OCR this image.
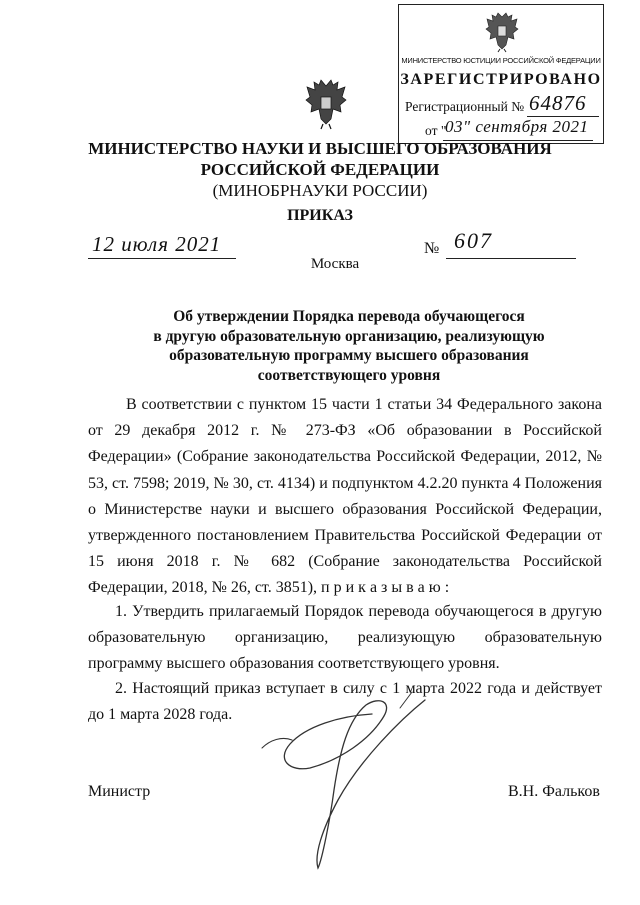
МИНИСТЕРСТВО ЮСТИЦИИ РОССИЙСКОЙ ФЕДЕРАЦИИ
ЗАРЕГИСТРИРОВАНО
Регистрационный № 64876
от "
03" сентября 2021
МИНИСТЕРСТВО НАУКИ И ВЫСШЕГО ОБРАЗОВАНИЯ
РОССИЙСКОЙ ФЕДЕРАЦИИ
(МИНОБРНАУКИ РОССИИ)
ПРИКАЗ
12 июля 2021	№ 607
Москва
Об утверждении Порядка перевода обучающегося
в другую образовательную организацию, реализующую
образовательную программу высшего образования
соответствующего уровня
В соответствии с пунктом 15 части 1 статьи 34 Федерального закона от 29 декабря 2012 г. № 273-ФЗ «Об образовании в Российской Федерации» (Собрание законодательства Российской Федерации, 2012, № 53, ст. 7598; 2019, № 30, ст. 4134) и подпунктом 4.2.20 пункта 4 Положения о Министерстве науки и высшего образования Российской Федерации, утвержденного постановлением Правительства Российской Федерации от 15 июня 2018 г. № 682 (Собрание законодательства Российской Федерации, 2018, № 26, ст. 3851), п р и к а з ы в а ю :
1. Утвердить прилагаемый Порядок перевода обучающегося в другую образовательную организацию, реализующую образовательную программу высшего образования соответствующего уровня.
2. Настоящий приказ вступает в силу с 1 марта 2022 года и действует до 1 марта 2028 года.
Министр	В.Н. Фальков
